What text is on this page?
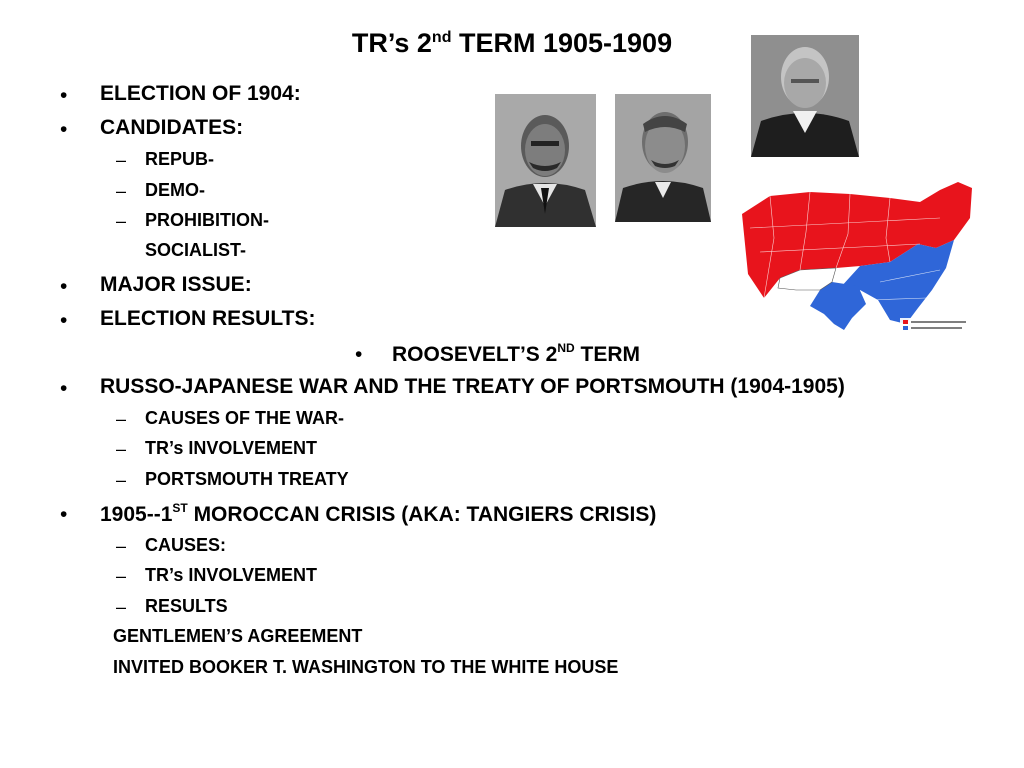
TR’s 2nd TERM 1905-1909
•
•
–
–
–
•
•
•
•
–
–
–
•
–
–
–
ELECTION OF 1904:
CANDIDATES:
REPUB-
DEMO-
PROHIBITION-
SOCIALIST-
MAJOR ISSUE:
ELECTION RESULTS:
ROOSEVELT’S 2ND TERM
RUSSO-JAPANESE WAR AND THE TREATY OF PORTSMOUTH (1904-1905)
CAUSES OF THE WAR-
TR’s INVOLVEMENT
PORTSMOUTH TREATY
1905--1ST MOROCCAN CRISIS (AKA: TANGIERS CRISIS)
CAUSES:
TR’s INVOLVEMENT
RESULTS
GENTLEMEN’S AGREEMENT
INVITED BOOKER T. WASHINGTON TO THE WHITE HOUSE
